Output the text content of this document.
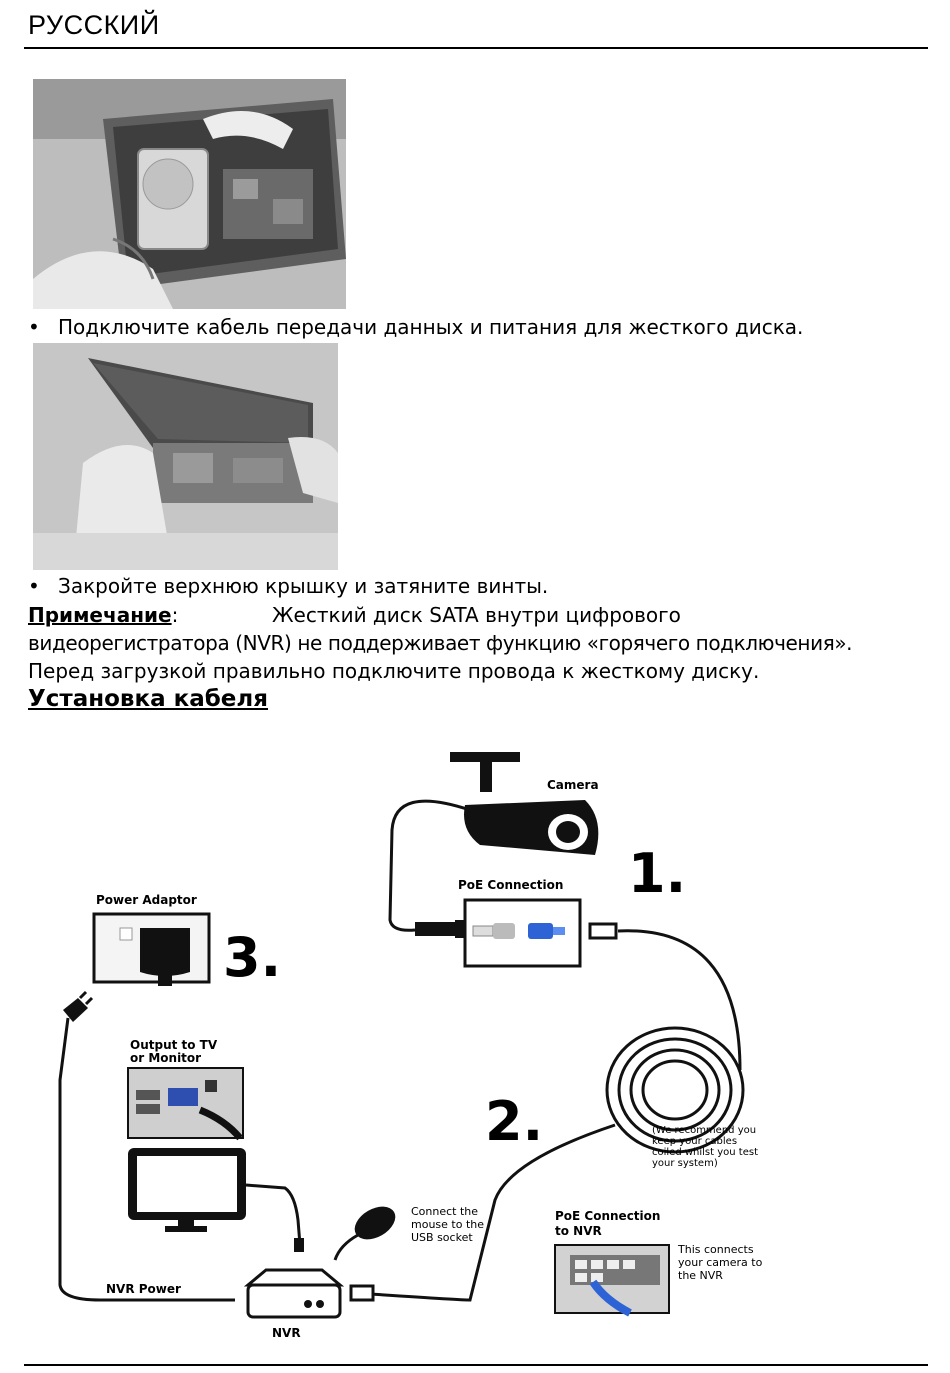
РУССКИЙ
• Подключите кабель передачи данных и питания для жесткого диска.
• Закройте верхнюю крышку и затяните винты.
Примечание:	Жесткий диск SATA внутри цифрового
видеорегистратора (NVR) не поддерживает функцию «горячего подключения».
Перед загрузкой правильно подключите провода к жесткому диску.
Установка кабеля
Camera
1.
PoE Connection
2.	(We recommend you keep your cables coiled whilst you test your system)
Power Adaptor
3.
NVR Power
Output to TV or Monitor
Connect the mouse to the USB socket
NVR
PoE Connection to NVR
This connects your camera to the NVR
